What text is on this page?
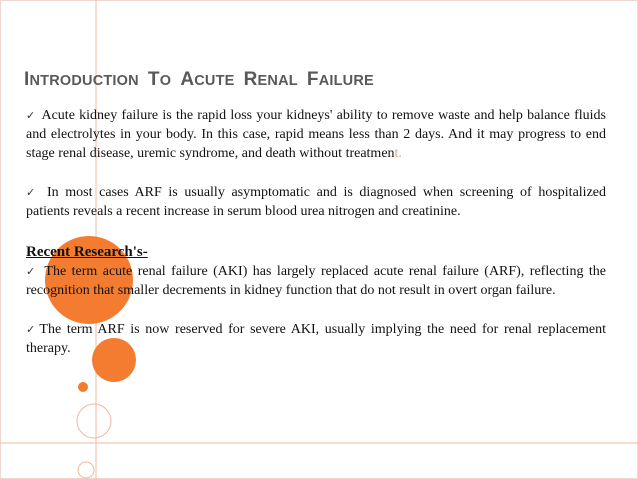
INTRODUCTION TO ACUTE RENAL FAILURE

✓ Acute kidney failure is the rapid loss your kidneys' ability to remove waste and help balance fluids and electrolytes in your body. In this case, rapid means less than 2 days. And it may progress to end stage renal disease, uremic syndrome, and death without treatment.

✓ In most cases ARF is usually asymptomatic and is diagnosed when screening of hospitalized patients reveals a recent increase in serum blood urea nitrogen and creatinine.

Recent Research's-

✓ The term acute renal failure (AKI) has largely replaced acute renal failure (ARF), reflecting the recognition that smaller decrements in kidney function that do not result in overt organ failure.

✓ The term ARF is now reserved for severe AKI, usually implying the need for renal replacement therapy.
